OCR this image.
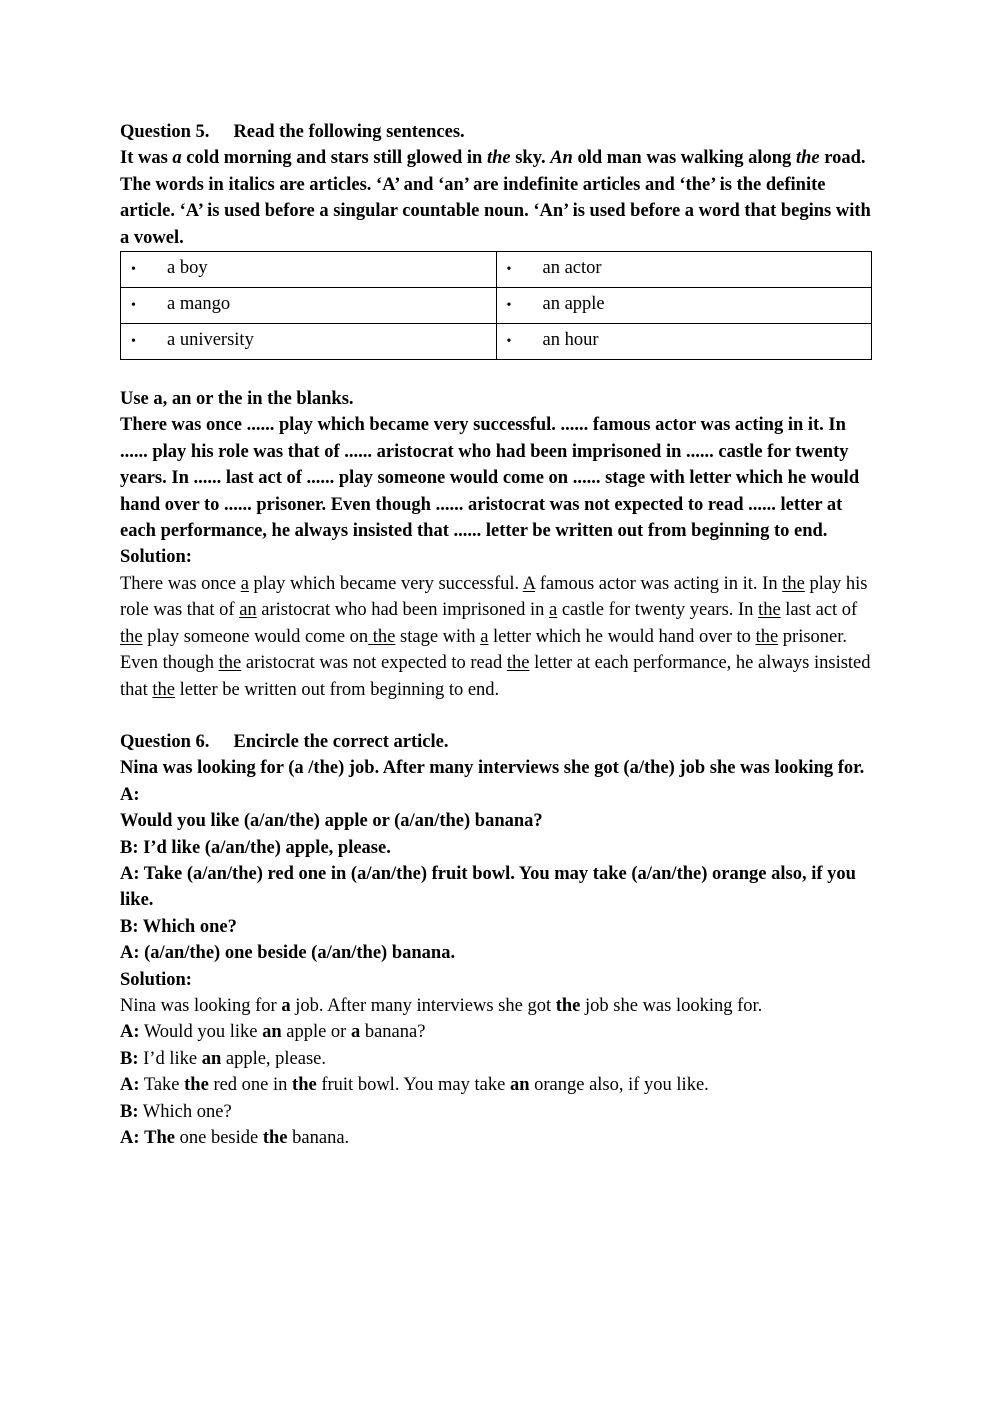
Question 5. Read the following sentences.

It was a cold morning and stars still glowed in the sky. An old man was walking along the road.

The words in italics are articles. ‘A’ and ‘an’ are indefinite articles and ‘the’ is the definite article. ‘A’ is used before a singular countable noun. ‘An’ is used before a word that begins with a vowel.

• a boy	• an actor
• a mango	• an apple
• a university	• an hour

Use a, an or the in the blanks.

There was once ...... play which became very successful. ...... famous actor was acting in it. In ...... play his role was that of ...... aristocrat who had been imprisoned in ...... castle for twenty years. In ...... last act of ...... play someone would come on ...... stage with letter which he would hand over to ...... prisoner. Even though ...... aristocrat was not expected to read ...... letter at each performance, he always insisted that ...... letter be written out from beginning to end.

Solution:

There was once a play which became very successful. A famous actor was acting in it. In the play his role was that of an aristocrat who had been imprisoned in a castle for twenty years. In the last act of the play someone would come on the stage with a letter which he would hand over to the prisoner. Even though the aristocrat was not expected to read the letter at each performance, he always insisted that the letter be written out from beginning to end.

Question 6. Encircle the correct article.

Nina was looking for (a /the) job. After many interviews she got (a/the) job she was looking for.

A:

Would you like (a/an/the) apple or (a/an/the) banana?

B: I’d like (a/an/the) apple, please.

A: Take (a/an/the) red one in (a/an/the) fruit bowl. You may take (a/an/the) orange also, if you like.

B: Which one?

A: (a/an/the) one beside (a/an/the) banana.

Solution:

Nina was looking for a job. After many interviews she got the job she was looking for.

A: Would you like an apple or a banana?

B: I’d like an apple, please.

A: Take the red one in the fruit bowl. You may take an orange also, if you like.

B: Which one?

A: The one beside the banana.
